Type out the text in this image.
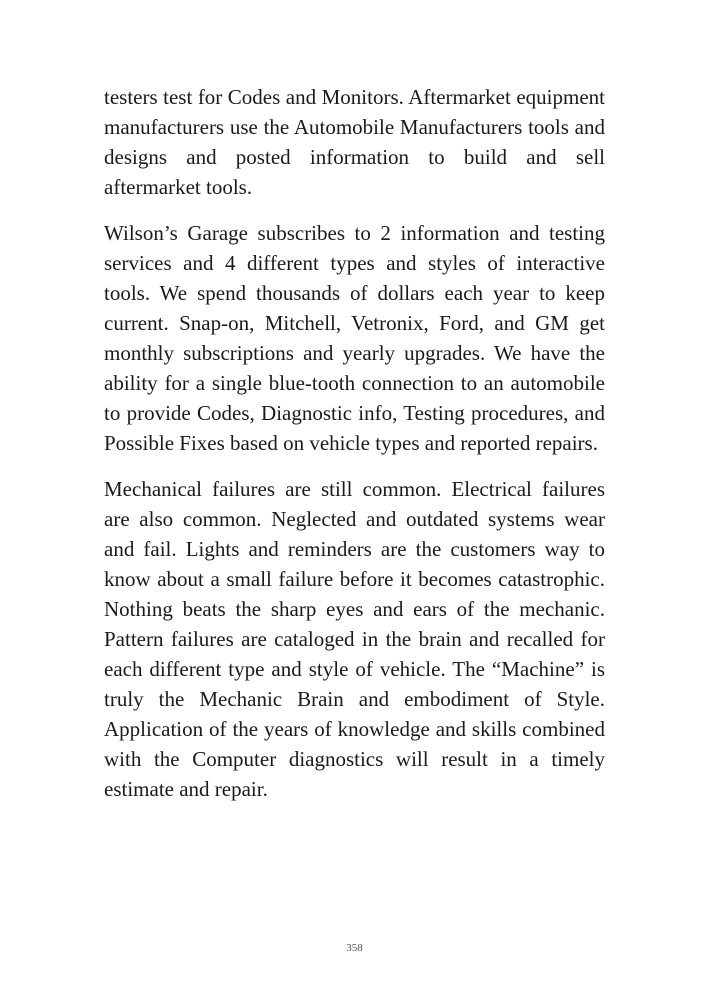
testers test for Codes and Monitors. Aftermarket equipment manufacturers use the Automobile Manufacturers tools and designs and posted information to build and sell aftermarket tools.

Wilson’s Garage subscribes to 2 information and testing services and 4 different types and styles of interactive tools. We spend thousands of dollars each year to keep current. Snap-on, Mitchell, Vetronix, Ford, and GM get monthly subscriptions and yearly upgrades. We have the ability for a single blue-tooth connection to an automobile to provide Codes, Diagnostic info, Testing procedures, and Possible Fixes based on vehicle types and reported repairs.

Mechanical failures are still common. Electrical failures are also common. Neglected and outdated systems wear and fail. Lights and reminders are the customers way to know about a small failure before it becomes catastrophic. Nothing beats the sharp eyes and ears of the mechanic. Pattern failures are cataloged in the brain and recalled for each different type and style of vehicle. The “Machine” is truly the Mechanic Brain and embodiment of Style. Application of the years of knowledge and skills combined with the Computer diagnostics will result in a timely estimate and repair.

358
